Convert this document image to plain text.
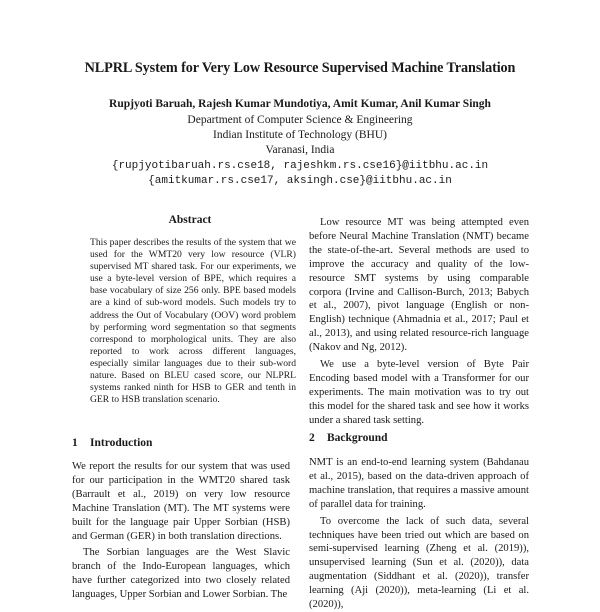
NLPRL System for Very Low Resource Supervised Machine Translation
Rupjyoti Baruah, Rajesh Kumar Mundotiya, Amit Kumar, Anil Kumar Singh
Department of Computer Science & Engineering
Indian Institute of Technology (BHU)
Varanasi, India
{rupjyotibaruah.rs.cse18, rajeshkm.rs.cse16}@iitbhu.ac.in
{amitkumar.rs.cse17, aksingh.cse}@iitbhu.ac.in
Abstract
This paper describes the results of the system that we used for the WMT20 very low resource (VLR) supervised MT shared task. For our experiments, we use a byte-level version of BPE, which requires a base vocabulary of size 256 only. BPE based models are a kind of sub-word models. Such models try to address the Out of Vocabulary (OOV) word problem by performing word segmentation so that segments correspond to morphological units. They are also reported to work across different languages, especially similar languages due to their sub-word nature. Based on BLEU cased score, our NLPRL systems ranked ninth for HSB to GER and tenth in GER to HSB translation scenario.
1 Introduction

We report the results for our system that was used for our participation in the WMT20 shared task (Barrault et al., 2019) on very low resource Machine Translation (MT). The MT systems were built for the language pair Upper Sorbian (HSB) and German (GER) in both translation directions.

The Sorbian languages are the West Slavic branch of the Indo-European languages, which have further categorized into two closely related languages, Upper Sorbian and Lower Sorbian. The

Low resource MT was being attempted even before Neural Machine Translation (NMT) became the state-of-the-art. Several methods are used to improve the accuracy and quality of the low-resource SMT systems by using comparable corpora (Irvine and Callison-Burch, 2013; Babych et al., 2007), pivot language (English or non-English) technique (Ahmadnia et al., 2017; Paul et al., 2013), and using related resource-rich language (Nakov and Ng, 2012).

We use a byte-level version of Byte Pair Encoding based model with a Transformer for our experiments. The main motivation was to try out this model for the shared task and see how it works under a shared task setting.

2 Background

NMT is an end-to-end learning system (Bahdanau et al., 2015), based on the data-driven approach of machine translation, that requires a massive amount of parallel data for training.

To overcome the lack of such data, several techniques have been tried out which are based on semi-supervised learning (Zheng et al. (2019)), unsupervised learning (Sun et al. (2020)), data augmentation (Siddhant et al. (2020)), transfer learning (Aji (2020)), meta-learning (Li et al. (2020)),
